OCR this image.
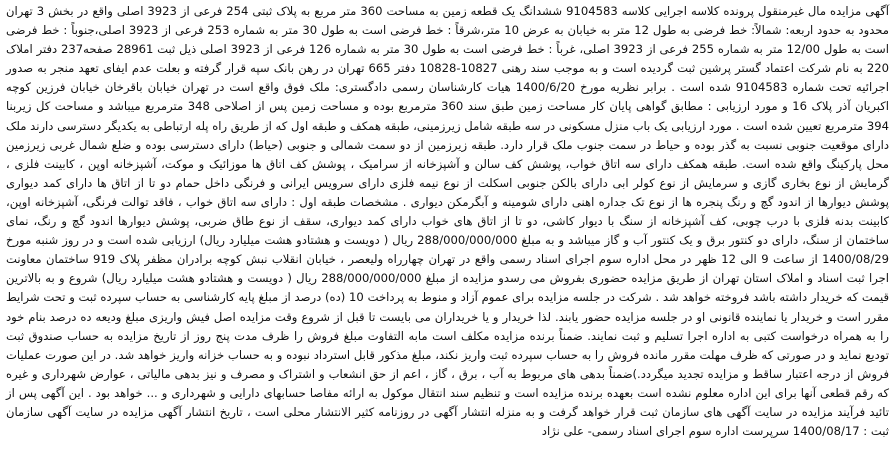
آگهی مزایده مال غیرمنقول پرونده کلاسه اجرایی کلاسه 9104583 ششدانگ یک قطعه زمین به مساحت 360 متر مربع به پلاک ثبتی 254 فرعی از 3923 اصلی واقع در بخش 3 تهران محدود به حدود اربعه: شمالاً: خط فرضی به طول 12 متر به خیابان به عرض 10 متر،شرقاً : خط فرضی است به طول 30 متر به شماره 253 فرعی از 3923 اصلی،جنوباً : خط فرضی است به طول 12/00 متر به شماره 255 فرعی از 3923 اصلی، غرباً : خط فرضی است به طول 30 متر به شماره 126 فرعی از 3923 اصلی ذیل ثبت 28961 صفحه237 دفتر املاک 220 به نام شرکت اعتماد گستر پرشین ثبت گردیده است و به موجب سند رهنی 10827-10828 دفتر 665 تهران در رهن بانک سپه قرار گرفته و بعلت عدم ایفای تعهد منجر به صدور اجرائیه تحت شماره 9104583 شده است . برابر نظریه مورخ 1400/6/20 هیات کارشناسان رسمی دادگستری: ملک فوق واقع است در تهران خیابان باقرخان خیابان فرزین کوچه اکبریان آذر پلاک 16 و مورد ارزیابی : مطابق گواهی پایان کار مساحت زمین طبق سند 360 مترمربع بوده و مساحت زمین پس از اصلاحی 348 مترمربع میباشد و مساحت کل زیربنا 394 مترمربع تعیین شده است . مورد ارزیابی یک باب منزل مسکونی در سه طبقه شامل زیرزمینی، طبقه همکف و طبقه اول که از طریق راه پله ارتباطی به یکدیگر دسترسی دارند ملک دارای موقعیت جنوبی نسبت به گذر بوده و حیاط در سمت جنوب ملک قرار دارد. طبقه زیرزمین از دو سمت شمالی و جنوبی (حیاط) دارای دسترسی بوده و ضلع شمال غربی زیرزمین محل پارکینگ واقع شده است. طبقه همکف دارای سه اتاق خواب، پوشش کف سالن و آشپزخانه از سرامیک ، پوشش کف اتاق ها موزائیک و موکت، آشپزخانه اوپن ، کابینت فلزی ، گرمایش از نوع بخاری گازی و سرمایش از نوع کولر ابی دارای بالکن جنوبی اسکلت از نوع نیمه فلزی دارای سرویس ایرانی و فرنگی داخل حمام دو تا از اتاق ها دارای کمد دیواری پوشش دیوارها از اندود گچ و رنگ پنجره ها از نوع تک جداره اهنی دارای شومینه و آبگرمکن دیواری . مشخصات طبقه اول : دارای سه اتاق خواب ، فاقد توالت فرنگی، آشپزخانه اوپن، کابینت بدنه فلزی با درب چوبی، کف آشپزخانه از سنگ با دیوار کاشی، دو تا از اتاق های خواب دارای کمد دیواری، سقف از نوع طاق ضربی، پوشش دیوارها اندود گچ و رنگ، نمای ساختمان از سنگ، دارای دو کنتور برق و یک کنتور آب و گاز میباشد و به مبلغ 288/000/000/000 ریال ( دویست و هشتادو هشت میلیارد ریال) ارزیابی شده است و در روز شنبه مورخ 1400/08/29 از ساعت 9 الی 12 ظهر در محل اداره سوم اجرای اسناد رسمی واقع در تهران چهارراه ولیعصر ، خیابان انقلاب نبش کوچه برادران مظفر پلاک 919 ساختمان معاونت اجرا ثبت اسناد و املاک استان تهران از طریق مزایده حضوری بفروش می رسدو مزایده از مبلغ 288/000/000/000 ریال ( دویست و هشتادو هشت میلیارد ریال) شروع و به بالاترین قیمت که خریدار داشته باشد فروخته خواهد شد . شرکت در جلسه مزایده برای عموم آزاد و منوط به پرداخت 10 (ده) درصد از مبلغ پایه کارشناسی به حساب سپرده ثبت و تحت شرایط مقرر است و خریدار یا نماینده قانونی او در جلسه مزایده حضور یابند. لذا خریدار و یا خریداران می بایست تا قبل از شروع وقت مزایده اصل فیش واریزی مبلغ ودیعه ده درصد بنام خود را به همراه درخواست کتبی به اداره اجرا تسلیم و ثبت نمایند. ضمناً برنده مزایده مکلف است مابه التفاوت مبلغ فروش را ظرف مدت پنج روز از تاریخ مزایده به حساب صندوق ثبت تودیع نماید و در صورتی که ظرف مهلت مقرر مانده فروش را به حساب سپرده ثبت واریز نکند، مبلغ مذکور قابل استرداد نبوده و به حساب خزانه واریز خواهد شد. در این صورت عملیات فروش از درجه اعتبار ساقط و مزایده تجدید میگردد.)ضمناً بدهی های مربوط به آب ، برق ، گاز ، اعم از حق انشعاب و اشتراک و مصرف و نیز بدهی مالیاتی ، عوارض شهرداری و غیره که رقم قطعی آنها برای این اداره معلوم نشده است بعهده برنده مزایده است و تنظیم سند انتقال موکول به ارائه مفاصا حسابهای دارایی و شهرداری و ... خواهد بود . این آگهی پس از تائید فرآیند مزایده در سایت آگهی های سازمان ثبت قرار خواهد گرفت و به منزله انتشار آگهی در روزنامه کثیر الانتشار محلی است ، تاریخ انتشار آگهی مزایده در سایت آگهی سازمان ثبت : 1400/08/17 سرپرست اداره سوم اجرای اسناد رسمی- علی نژاد
